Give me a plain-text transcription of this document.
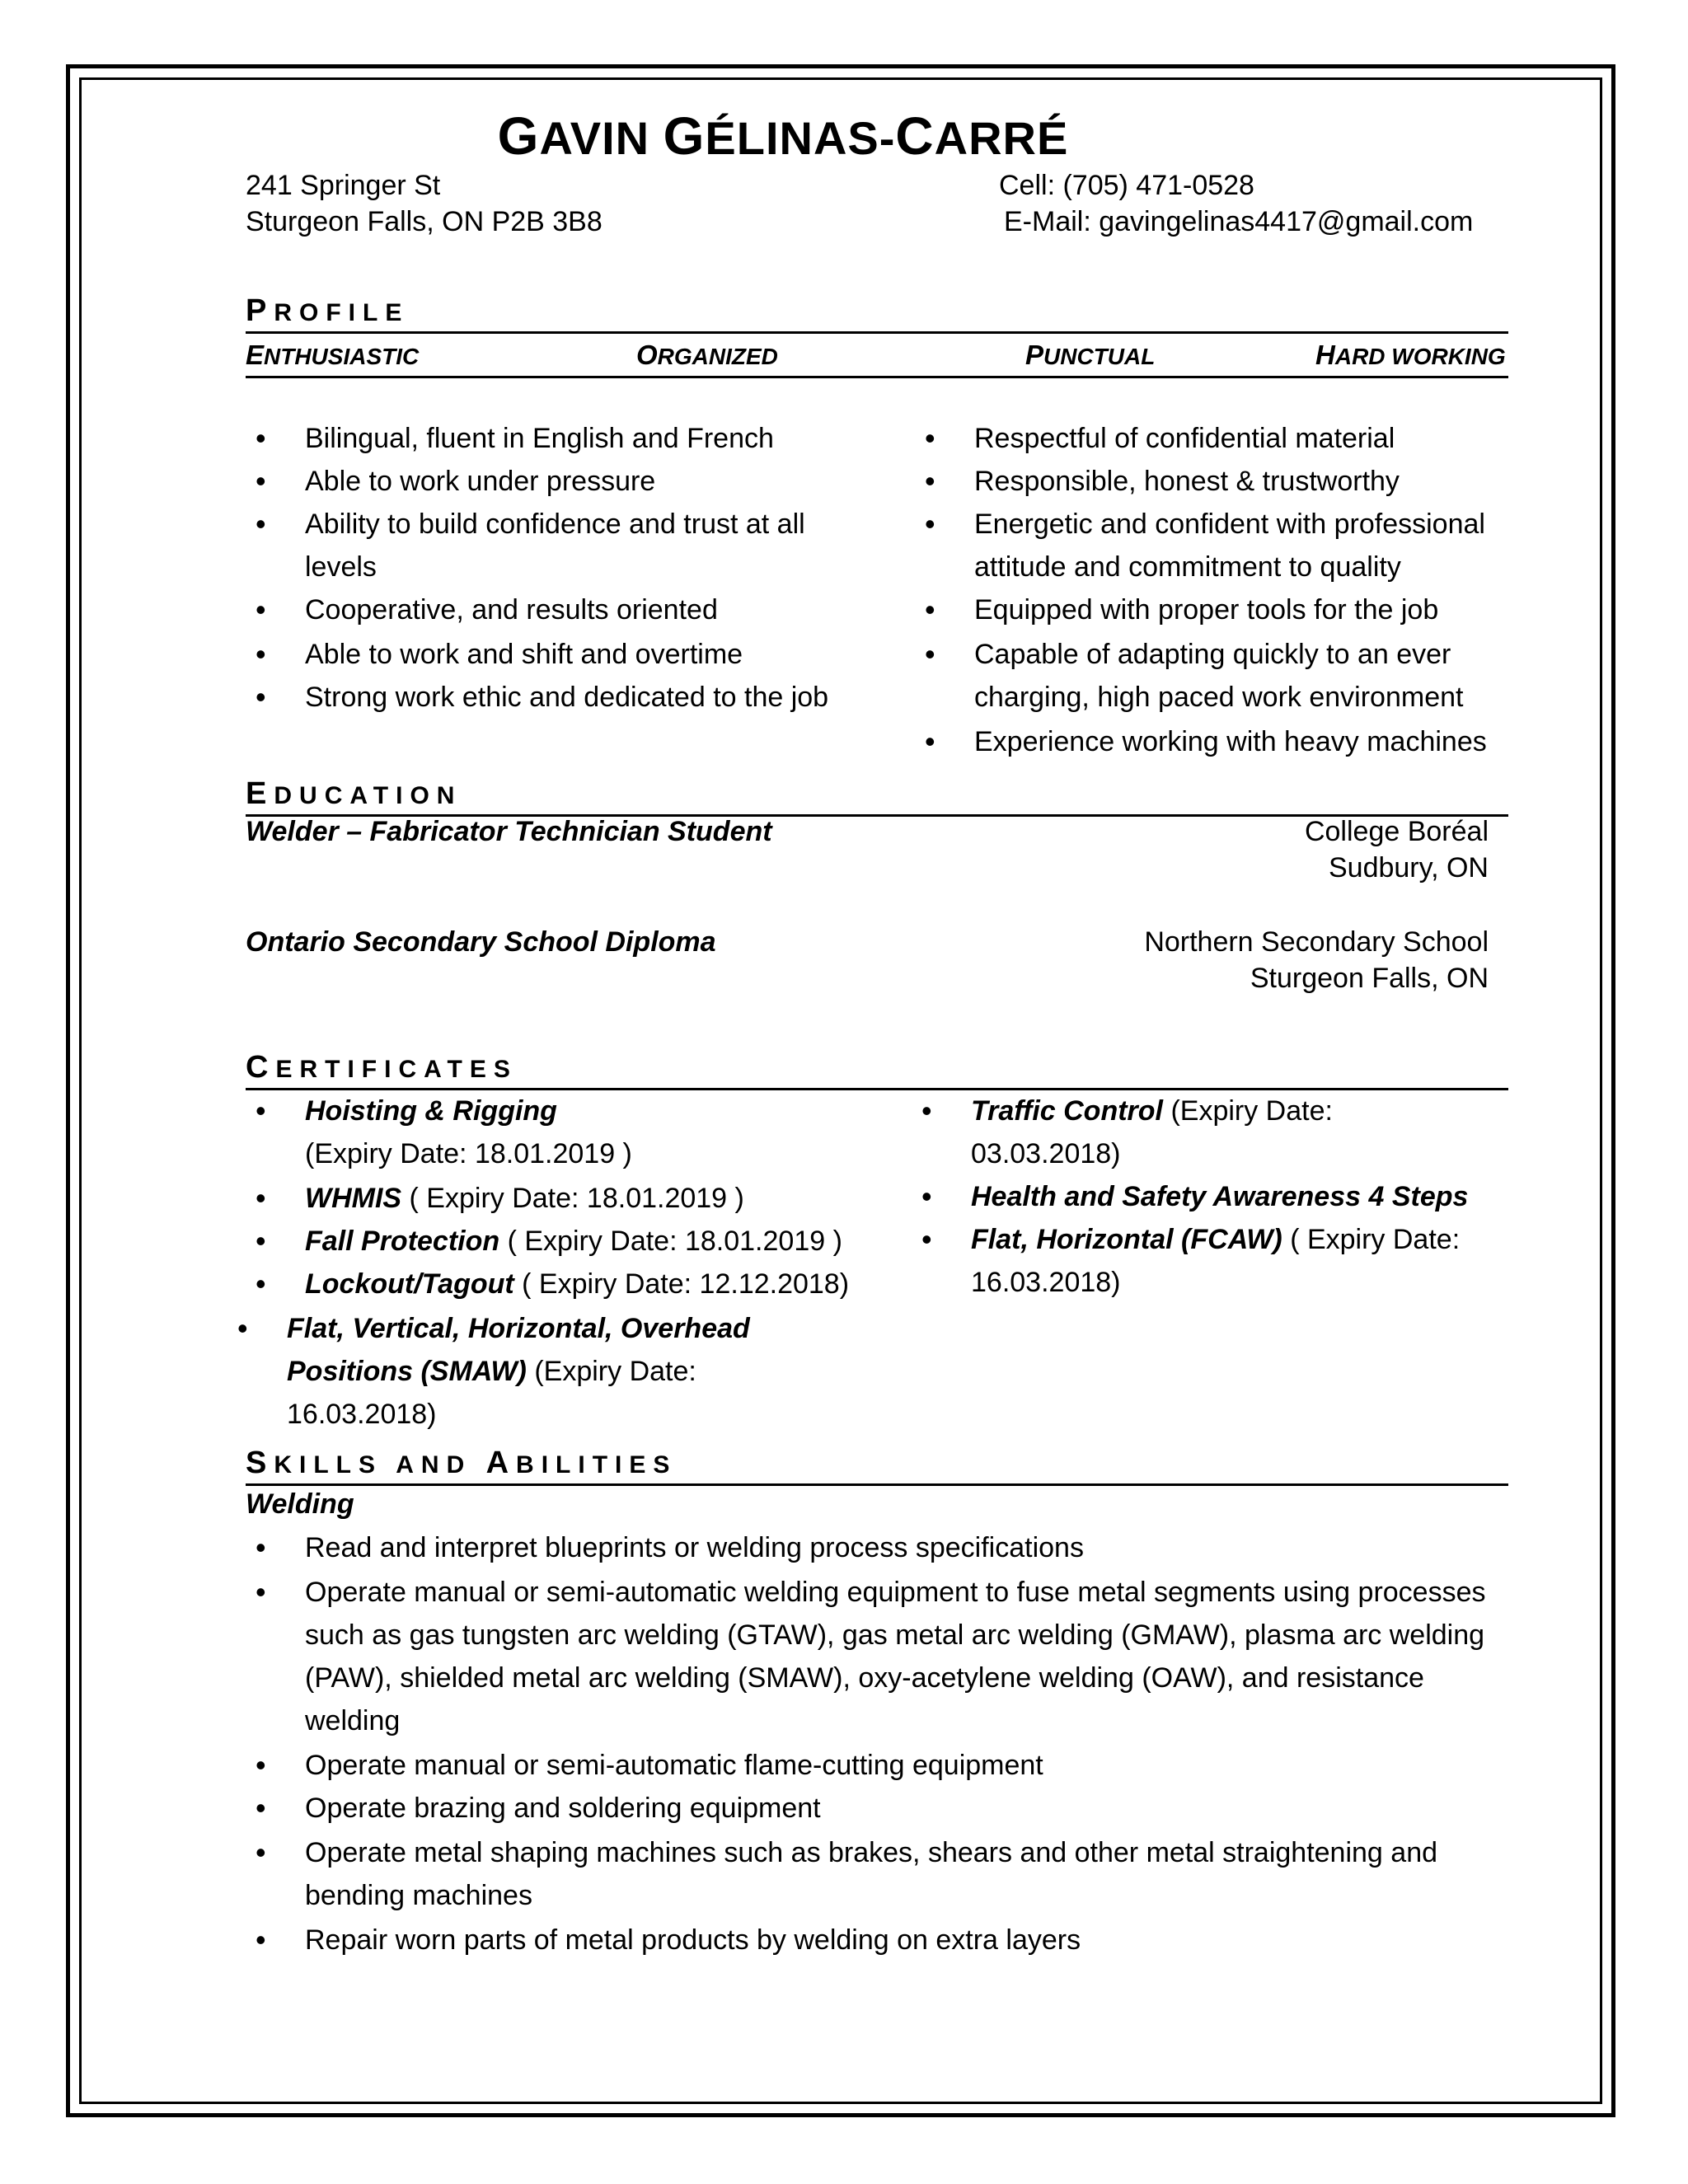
GAVIN GÉLINAS-CARRÉ
241 Springer St
Sturgeon Falls, ON P2B 3B8
Cell: (705) 471-0528
E-Mail: gavingelinas4417@gmail.com
PROFILE
ENTHUSIASTIC	ORGANIZED	PUNCTUAL	HARD WORKING
• Bilingual, fluent in English and French
• Able to work under pressure
• Ability to build confidence and trust at all levels
• Cooperative, and results oriented
• Able to work and shift and overtime
• Strong work ethic and dedicated to the job
• Respectful of confidential material
• Responsible, honest & trustworthy
• Energetic and confident with professional attitude and commitment to quality
• Equipped with proper tools for the job
• Capable of adapting quickly to an ever charging, high paced work environment
• Experience working with heavy machines
EDUCATION
Welder – Fabricator Technician Student	College Boréal
Sudbury, ON
Ontario Secondary School Diploma	Northern Secondary School
Sturgeon Falls, ON
CERTIFICATES
• Hoisting & Rigging
(Expiry Date: 18.01.2019 )
• WHMIS ( Expiry Date: 18.01.2019 )
• Fall Protection ( Expiry Date: 18.01.2019 )
• Lockout/Tagout ( Expiry Date: 12.12.2018)
• Flat, Vertical, Horizontal, Overhead Positions (SMAW) (Expiry Date: 16.03.2018)
• Traffic Control (Expiry Date: 03.03.2018)
• Health and Safety Awareness 4 Steps
• Flat, Horizontal (FCAW) ( Expiry Date: 16.03.2018)
SKILLS AND ABILITIES
Welding
• Read and interpret blueprints or welding process specifications
• Operate manual or semi-automatic welding equipment to fuse metal segments using processes such as gas tungsten arc welding (GTAW), gas metal arc welding (GMAW), plasma arc welding (PAW), shielded metal arc welding (SMAW), oxy-acetylene welding (OAW), and resistance welding
• Operate manual or semi-automatic flame-cutting equipment
• Operate brazing and soldering equipment
• Operate metal shaping machines such as brakes, shears and other metal straightening and bending machines
• Repair worn parts of metal products by welding on extra layers
